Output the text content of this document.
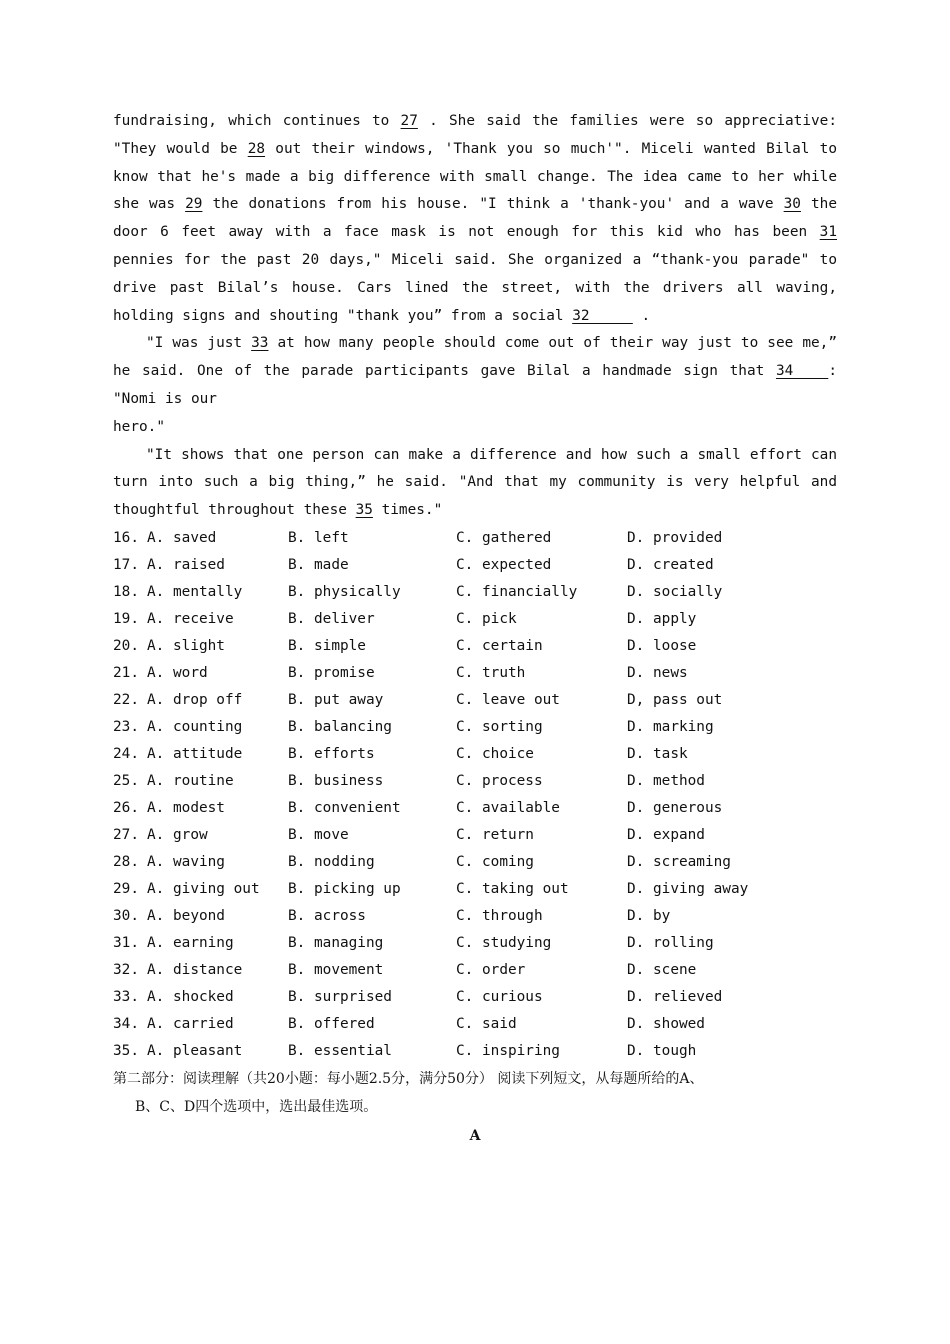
fundraising, which continues to 27 . She said the families were so appreciative: "They would be 28 out their windows, 'Thank you so much'". Miceli wanted Bilal to know that he's made a big difference with small change. The idea came to her while she was 29 the donations from his house. "I think a 'thank-you' and a wave 30 the door 6 feet away with a face mask is not enough for this kid who has been 31 pennies for the past 20 days," Miceli said. She organized a “thank-you parade" to drive past Bilal’s house. Cars lined the street, with the drivers all waving, holding signs and shouting "thank you” from a social 32      .

"I was just 33 at how many people should come out of their way just to see me,” he said. One of the parade participants gave Bilal a handmade sign that 34   : "Nomi is our

hero."

"It shows that one person can make a difference and how such a small effort can turn into such a big thing,” he said. "And that my community is very helpful and thoughtful throughout these 35 times."

16. A. saved	B. left	C. gathered	D. provided
17. A. raised	B. made	C. expected	D. created
18. A. mentally	B. physically	C. financially	D. socially
19. A. receive	B. deliver	C. pick	D. apply
20. A. slight	B. simple	C. certain	D. loose
21. A. word	B. promise	C. truth	D. news
22. A. drop off	B. put away	C. leave out	D, pass out
23. A. counting	B. balancing	C. sorting	D. marking
24. A. attitude	B. efforts	C. choice	D. task
25. A. routine	B. business	C. process	D. method
26. A. modest	B. convenient	C. available	D. generous
27. A. grow	B. move	C. return	D. expand
28. A. waving	B. nodding	C. coming	D. screaming
29. A. giving out	B. picking up	C. taking out	D. giving away
30. A. beyond	B. across	C. through	D. by
31. A. earning	B. managing	C. studying	D. rolling
32. A. distance	B. movement	C. order	D. scene
33. A. shocked	B. surprised	C. curious	D. relieved
34. A. carried	B. offered	C. said	D. showed
35. A. pleasant	B. essential	C. inspiring	D. tough

第二部分：阅读理解（共20小题：每小题2.5分，满分50分） 阅读下列短文，从每题所给的A、

B、C、D四个选项中，选出最佳选项。

A
